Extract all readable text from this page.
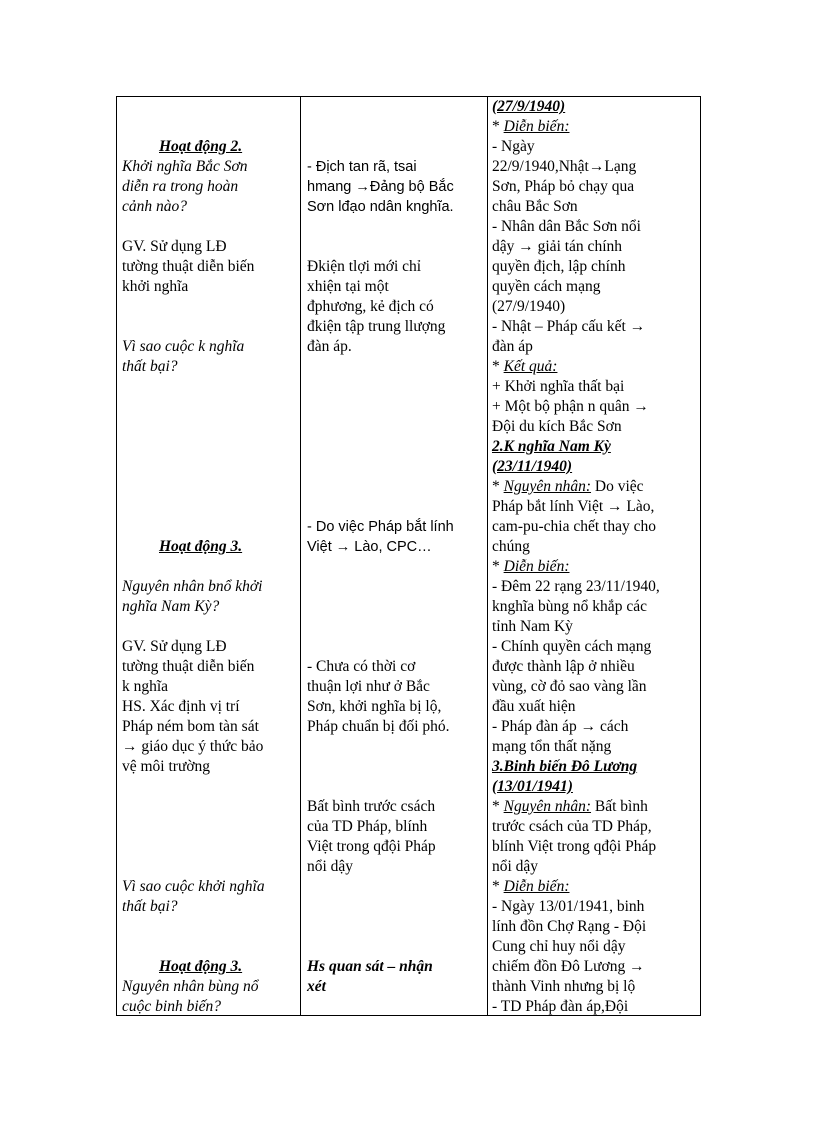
Hoạt động 2.
Khởi nghĩa Bắc Sơn
diễn ra trong hoàn
cảnh nào?
GV. Sử dụng LĐ
tường thuật diễn biến
khởi nghĩa
Vì sao cuộc k nghĩa
thất bại?
Hoạt động 3.
Nguyên nhân bnổ khởi
nghĩa Nam Kỳ?
GV. Sử dụng LĐ
tường thuật diễn biến
k nghĩa
HS. Xác định vị trí
Pháp ném bom tàn sát
→ giáo dục ý thức bảo
vệ môi trường
Vì sao cuộc khởi nghĩa
thất bại?
Hoạt động 3.
Nguyên nhân bùng nổ
cuộc binh biến?
- Địch tan rã, tsai
hmang →Đảng bộ Bắc
Sơn lđạo ndân knghĩa.
Đkiện tlợi mới chỉ
xhiện tại một
đphương, kẻ địch có
đkiện tập trung llượng
đàn áp.
- Do việc Pháp bắt lính
Việt → Lào, CPC…
- Chưa có thời cơ
thuận lợi như ở Bắc
Sơn, khởi nghĩa bị lộ,
Pháp chuẩn bị đối phó.
Bất bình trước csách
của TD Pháp, blính
Việt trong qđội Pháp
nổi dậy
Hs quan sát – nhận
xét
(27/9/1940)
* Diễn biến:
- Ngày
22/9/1940,Nhật→Lạng
Sơn, Pháp bỏ chạy qua
châu Bắc Sơn
- Nhân dân Bắc Sơn nổi
dậy → giải tán chính
quyền địch, lập chính
quyền cách mạng
(27/9/1940)
- Nhật – Pháp cấu kết →
đàn áp
* Kết quả:
+ Khởi nghĩa thất bại
+ Một bộ phận n quân →
Đội du kích Bắc Sơn
2.K nghĩa Nam Kỳ
(23/11/1940)
* Nguyên nhân: Do việc
Pháp bắt lính Việt → Lào,
cam-pu-chia chết thay cho
chúng
* Diễn biến:
- Đêm 22 rạng 23/11/1940,
knghĩa bùng nổ khắp các
tỉnh Nam Kỳ
- Chính quyền cách mạng
được thành lập ở nhiều
vùng, cờ đỏ sao vàng lần
đầu xuất hiện
- Pháp đàn áp → cách
mạng tổn thất nặng
3.Binh biến Đô Lương
(13/01/1941)
* Nguyên nhân: Bất bình
trước csách của TD Pháp,
blính Việt trong qđội Pháp
nổi dậy
* Diễn biến:
- Ngày 13/01/1941, binh
lính đồn Chợ Rạng - Đội
Cung chỉ huy nổi dậy
chiếm đồn Đô Lương →
thành Vinh nhưng bị lộ
- TD Pháp đàn áp,Đội
